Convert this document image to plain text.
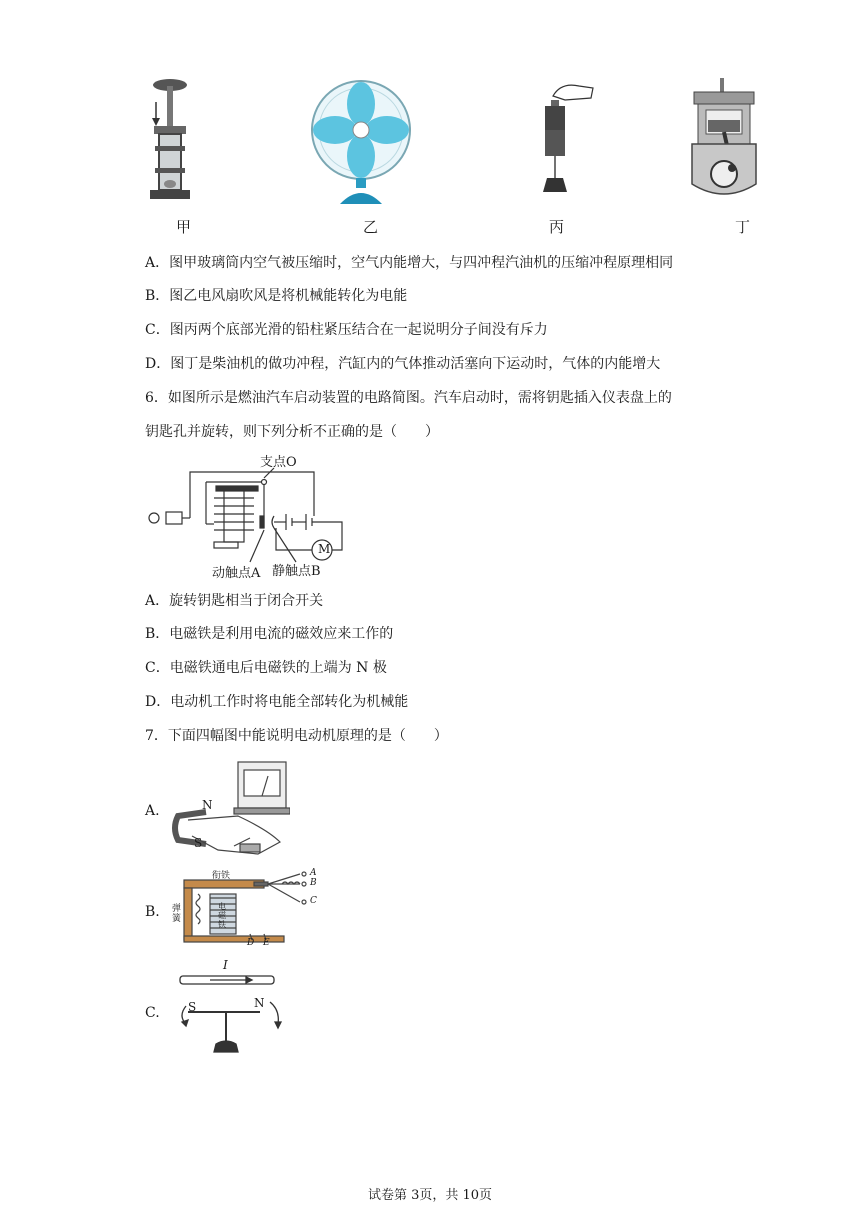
甲	乙	丙	丁
A．图甲玻璃筒内空气被压缩时，空气内能增大，与四冲程汽油机的压缩冲程原理相同
B．图乙电风扇吹风是将机械能转化为电能
C．图丙两个底部光滑的铅柱紧压结合在一起说明分子间没有斥力
D．图丁是柴油机的做功冲程，汽缸内的气体推动活塞向下运动时，气体的内能增大
6．如图所示是燃油汽车启动装置的电路简图。汽车启动时，需将钥匙插入仪表盘上的
钥匙孔并旋转，则下列分析不正确的是（　　）
支点O
M
动触点A 静触点B
A．旋转钥匙相当于闭合开关
B．电磁铁是利用电流的磁效应来工作的
C．电磁铁通电后电磁铁的上端为 N 极
D．电动机工作时将电能全部转化为机械能
7．下面四幅图中能说明电动机原理的是（　　）
A.	N
S
B.
衔铁
弹簧
电磁铁
A
B
C
D E
C.
I
S	N
试卷第 3页，共 10页
